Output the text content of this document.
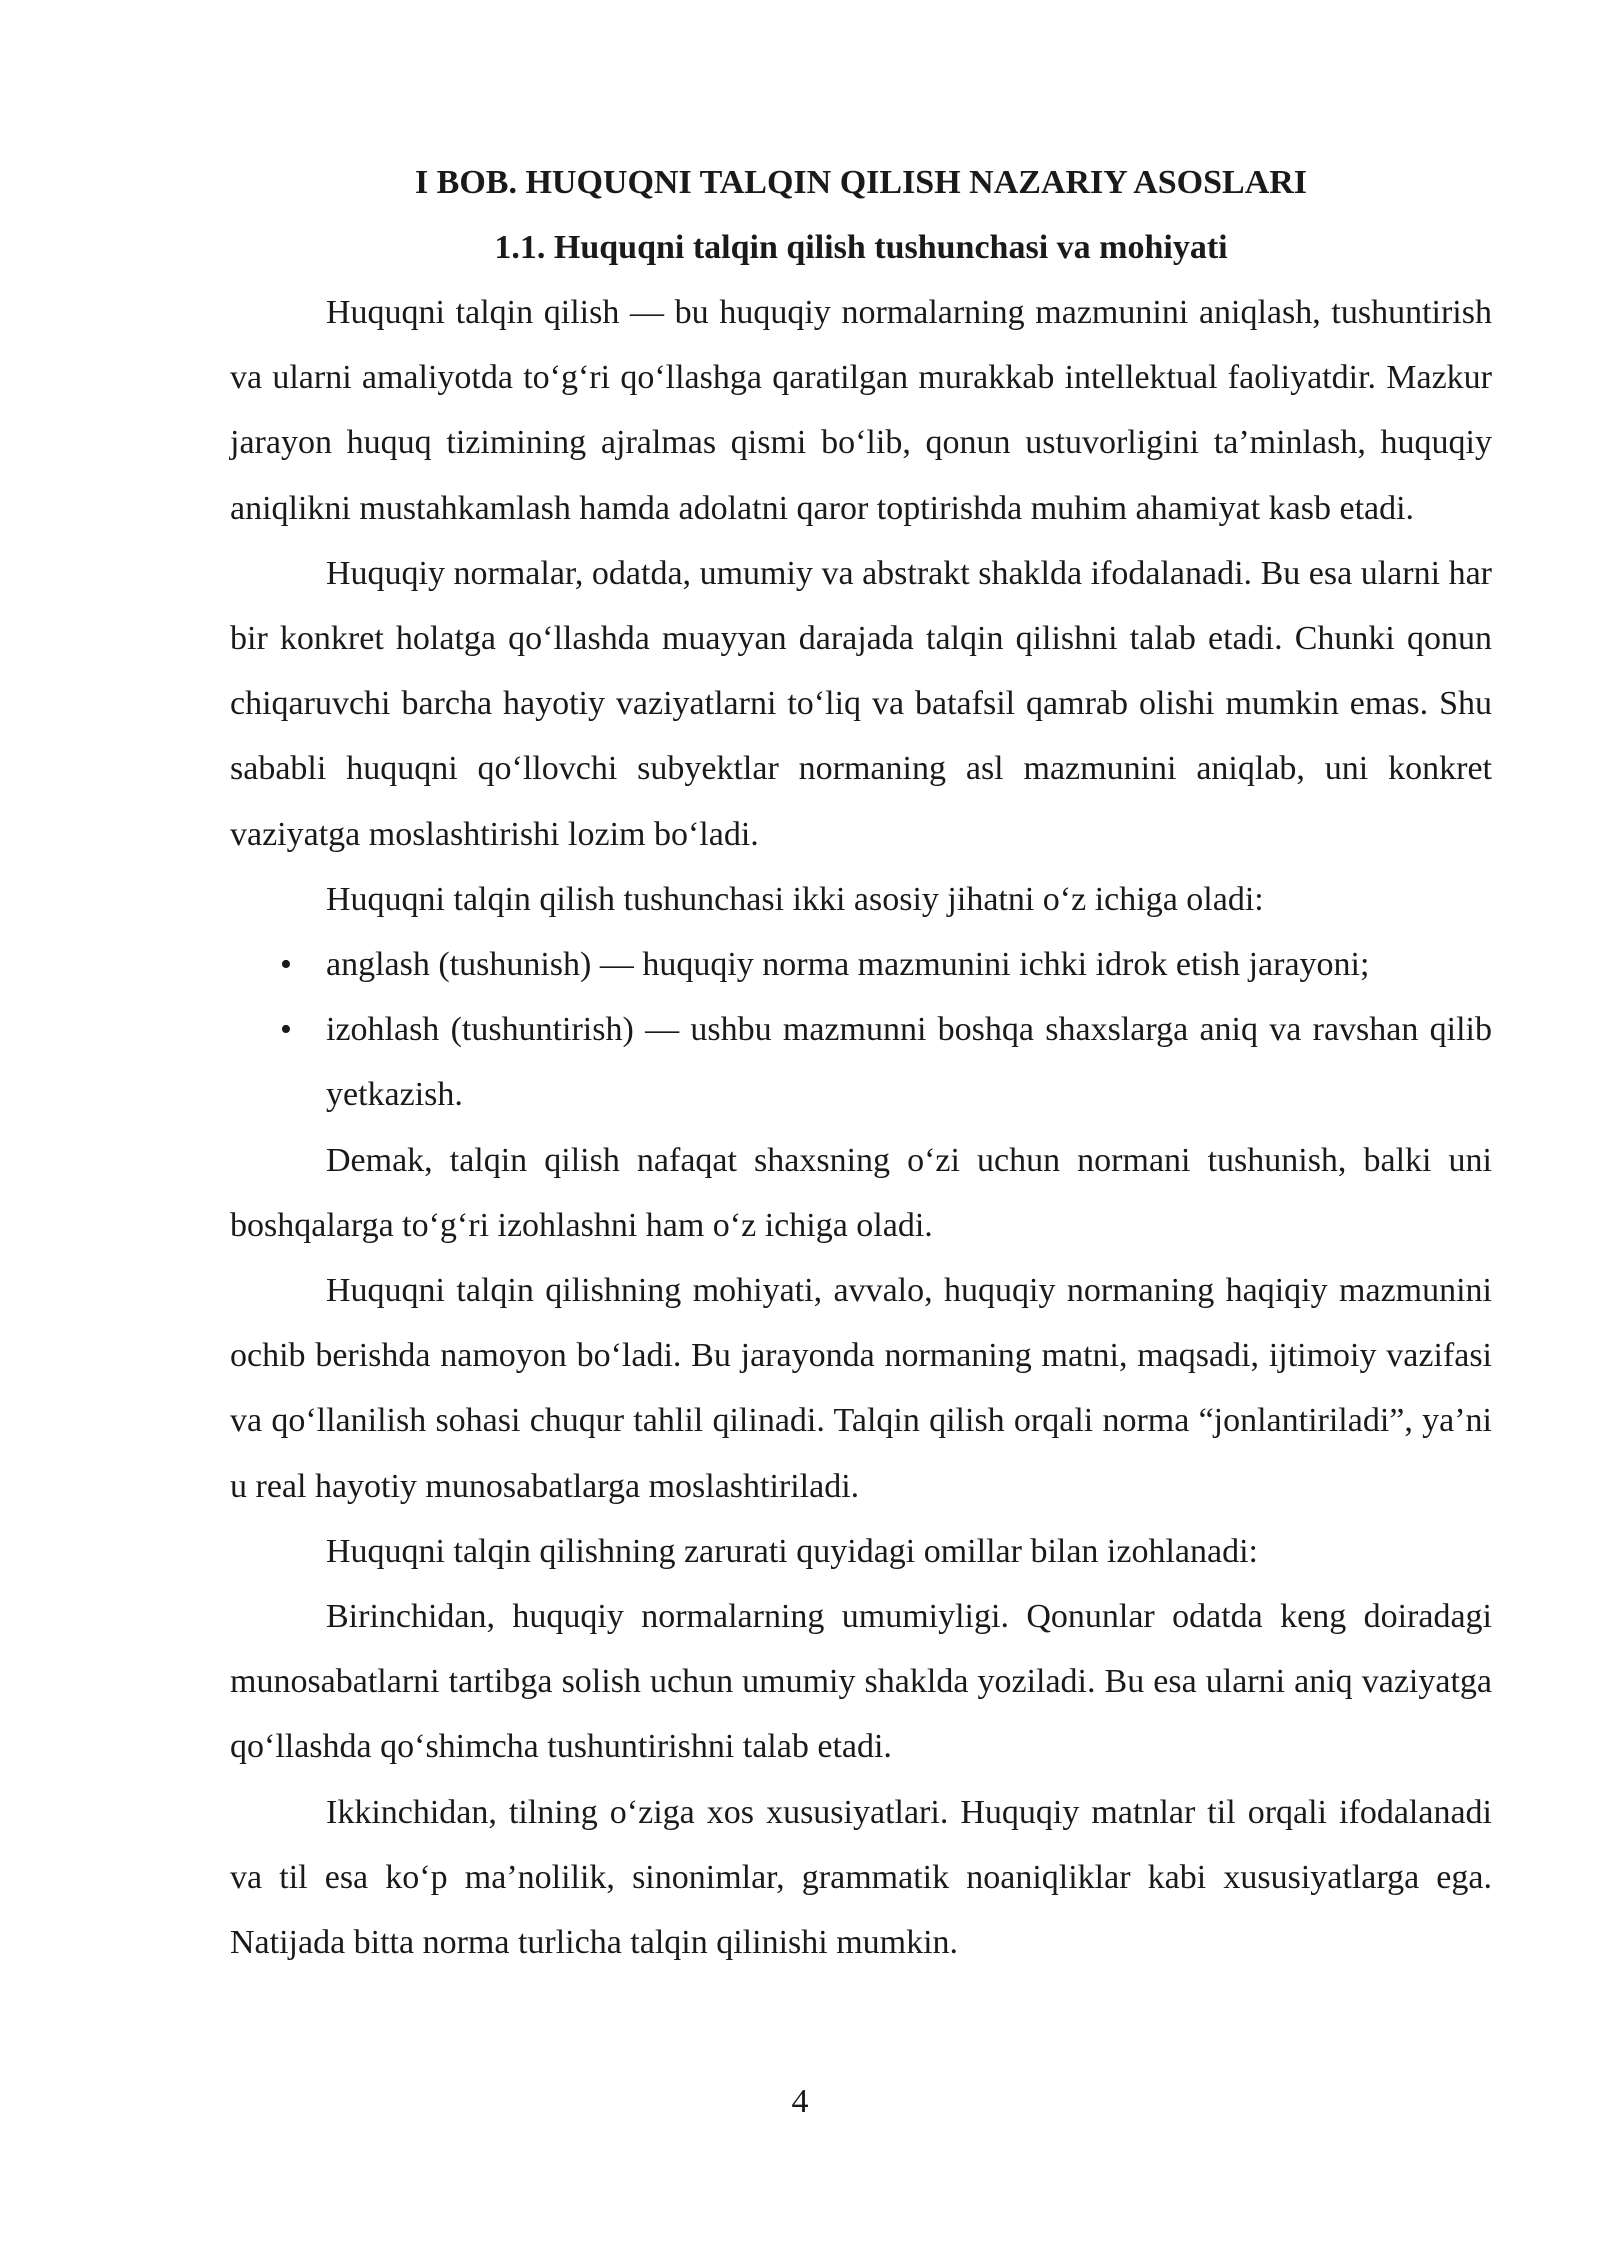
I BOB. HUQUQNI TALQIN QILISH NAZARIY ASOSLARI
1.1. Huquqni talqin qilish tushunchasi va mohiyati

Huquqni talqin qilish — bu huquqiy normalarning mazmunini aniqlash, tushuntirish va ularni amaliyotda to‘g‘ri qo‘llashga qaratilgan murakkab intellektual faoliyatdir. Mazkur jarayon huquq tizimining ajralmas qismi bo‘lib, qonun ustuvorligini ta’minlash, huquqiy aniqlikni mustahkamlash hamda adolatni qaror toptirishda muhim ahamiyat kasb etadi.

Huquqiy normalar, odatda, umumiy va abstrakt shaklda ifodalanadi. Bu esa ularni har bir konkret holatga qo‘llashda muayyan darajada talqin qilishni talab etadi. Chunki qonun chiqaruvchi barcha hayotiy vaziyatlarni to‘liq va batafsil qamrab olishi mumkin emas. Shu sababli huquqni qo‘llovchi subyektlar normaning asl mazmunini aniqlab, uni konkret vaziyatga moslashtirishi lozim bo‘ladi.

Huquqni talqin qilish tushunchasi ikki asosiy jihatni o‘z ichiga oladi:

• anglash (tushunish) — huquqiy norma mazmunini ichki idrok etish jarayoni;
• izohlash (tushuntirish) — ushbu mazmunni boshqa shaxslarga aniq va ravshan qilib yetkazish.

Demak, talqin qilish nafaqat shaxsning o‘zi uchun normani tushunish, balki uni boshqalarga to‘g‘ri izohlashni ham o‘z ichiga oladi.

Huquqni talqin qilishning mohiyati, avvalo, huquqiy normaning haqiqiy mazmunini ochib berishda namoyon bo‘ladi. Bu jarayonda normaning matni, maqsadi, ijtimoiy vazifasi va qo‘llanilish sohasi chuqur tahlil qilinadi. Talqin qilish orqali norma “jonlantiriladi”, ya’ni u real hayotiy munosabatlarga moslashtiriladi.

Huquqni talqin qilishning zarurati quyidagi omillar bilan izohlanadi:

Birinchidan, huquqiy normalarning umumiyligi. Qonunlar odatda keng doiradagi munosabatlarni tartibga solish uchun umumiy shaklda yoziladi. Bu esa ularni aniq vaziyatga qo‘llashda qo‘shimcha tushuntirishni talab etadi.

Ikkinchidan, tilning o‘ziga xos xususiyatlari. Huquqiy matnlar til orqali ifodalanadi va til esa ko‘p ma’nolilik, sinonimlar, grammatik noaniqliklar kabi xususiyatlarga ega. Natijada bitta norma turlicha talqin qilinishi mumkin.

4
